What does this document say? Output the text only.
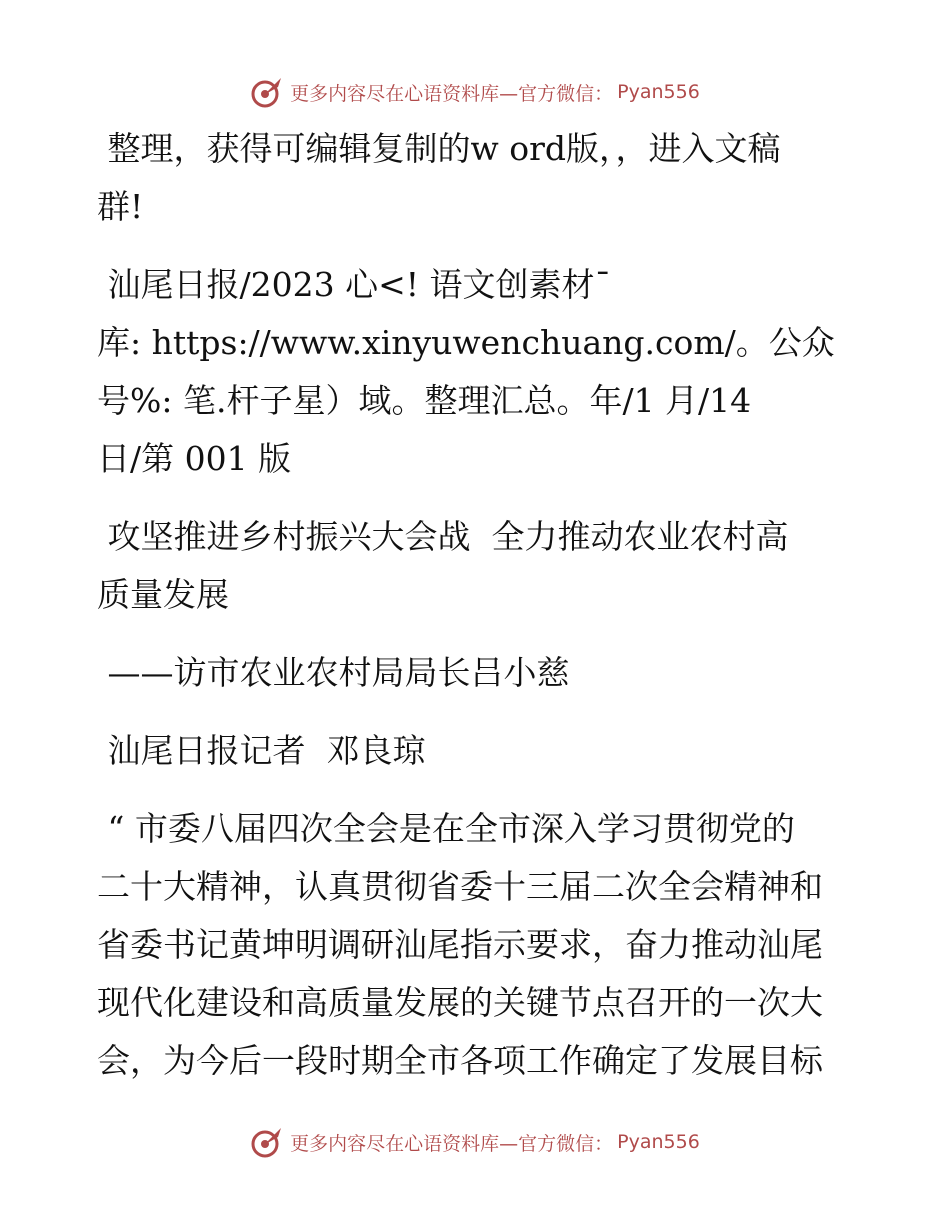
更多内容尽在心语资料库—官方微信： Pyan556

整理，获得可编辑复制的w ord版，，进入文稿

群!

汕尾日报/2023 心<! 语文创素材¯

库: https://www.xinyuwenchuang.com/。公众

号%: 笔.杆子星）域。整理汇总。年/1 月/14

日/第 001 版

攻坚推进乡村振兴大会战  全力推动农业农村高

质量发展

——访市农业农村局局长吕小慈

汕尾日报记者  邓良琼

“ 市委八届四次全会是在全市深入学习贯彻党的

二十大精神，认真贯彻省委十三届二次全会精神和

省委书记黄坤明调研汕尾指示要求，奋力推动汕尾

现代化建设和高质量发展的关键节点召开的一次大

会，为今后一段时期全市各项工作确定了发展目标

更多内容尽在心语资料库—官方微信： Pyan556
